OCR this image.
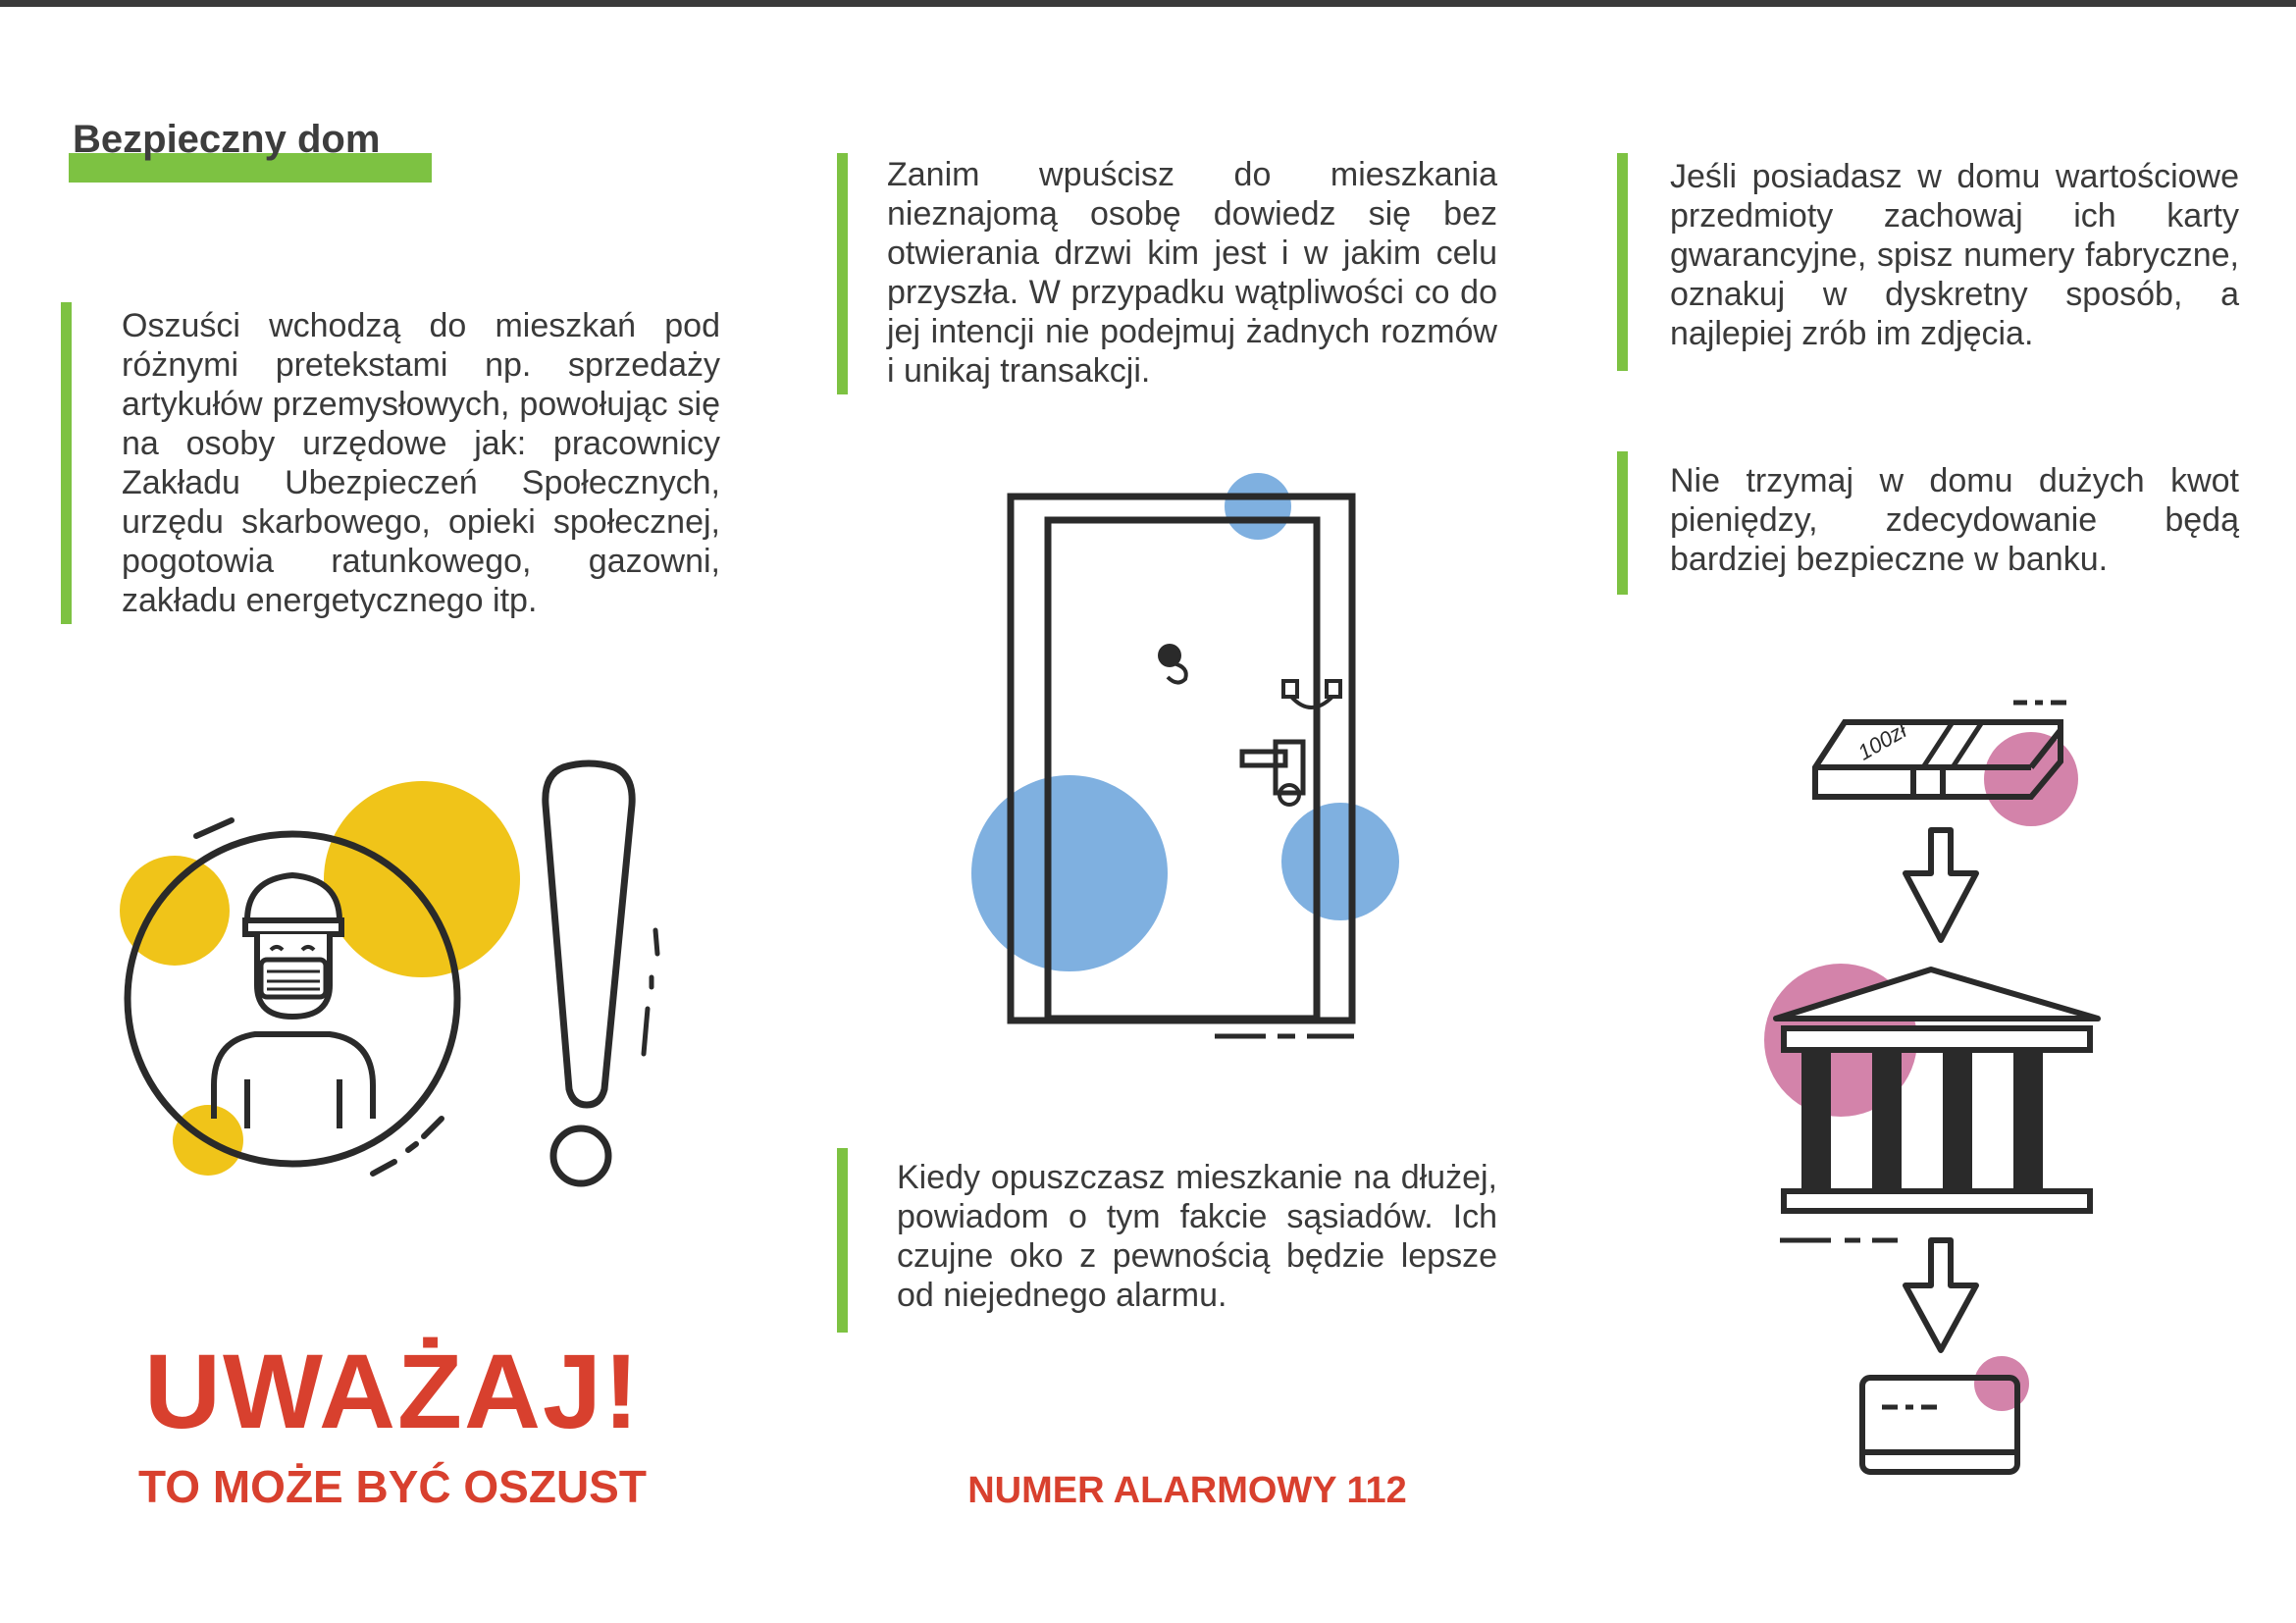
Bezpieczny dom
Oszuści wchodzą do mieszkań pod różnymi pretekstami np. sprzedaży artykułów przemysłowych, powołując się na osoby urzędowe jak: pracownicy Zakładu Ubezpieczeń Społecznych, urzędu skarbowego, opieki społecznej, pogotowia ratunkowego, gazowni, zakładu energetycznego itp.
Zanim wpuścisz do mieszkania nieznajomą osobę dowiedz się bez otwierania drzwi kim jest i w jakim celu przyszła. W przypadku wątpliwości co do jej intencji nie podejmuj żadnych rozmów i unikaj transakcji.
Kiedy opuszczasz mieszkanie na dłużej, powiadom o tym fakcie sąsiadów. Ich czujne oko z pewnością będzie lepsze od niejednego alarmu.
Jeśli posiadasz w domu wartościowe przedmioty zachowaj ich karty gwarancyjne, spisz numery fabryczne, oznakuj w dyskretny sposób, a najlepiej zrób im zdjęcia.
Nie trzymaj w domu dużych kwot pieniędzy, zdecydowanie będą bardziej bezpieczne w banku.
100zł
UWAŻAJ!
TO MOŻE BYĆ OSZUST	NUMER ALARMOWY 112
